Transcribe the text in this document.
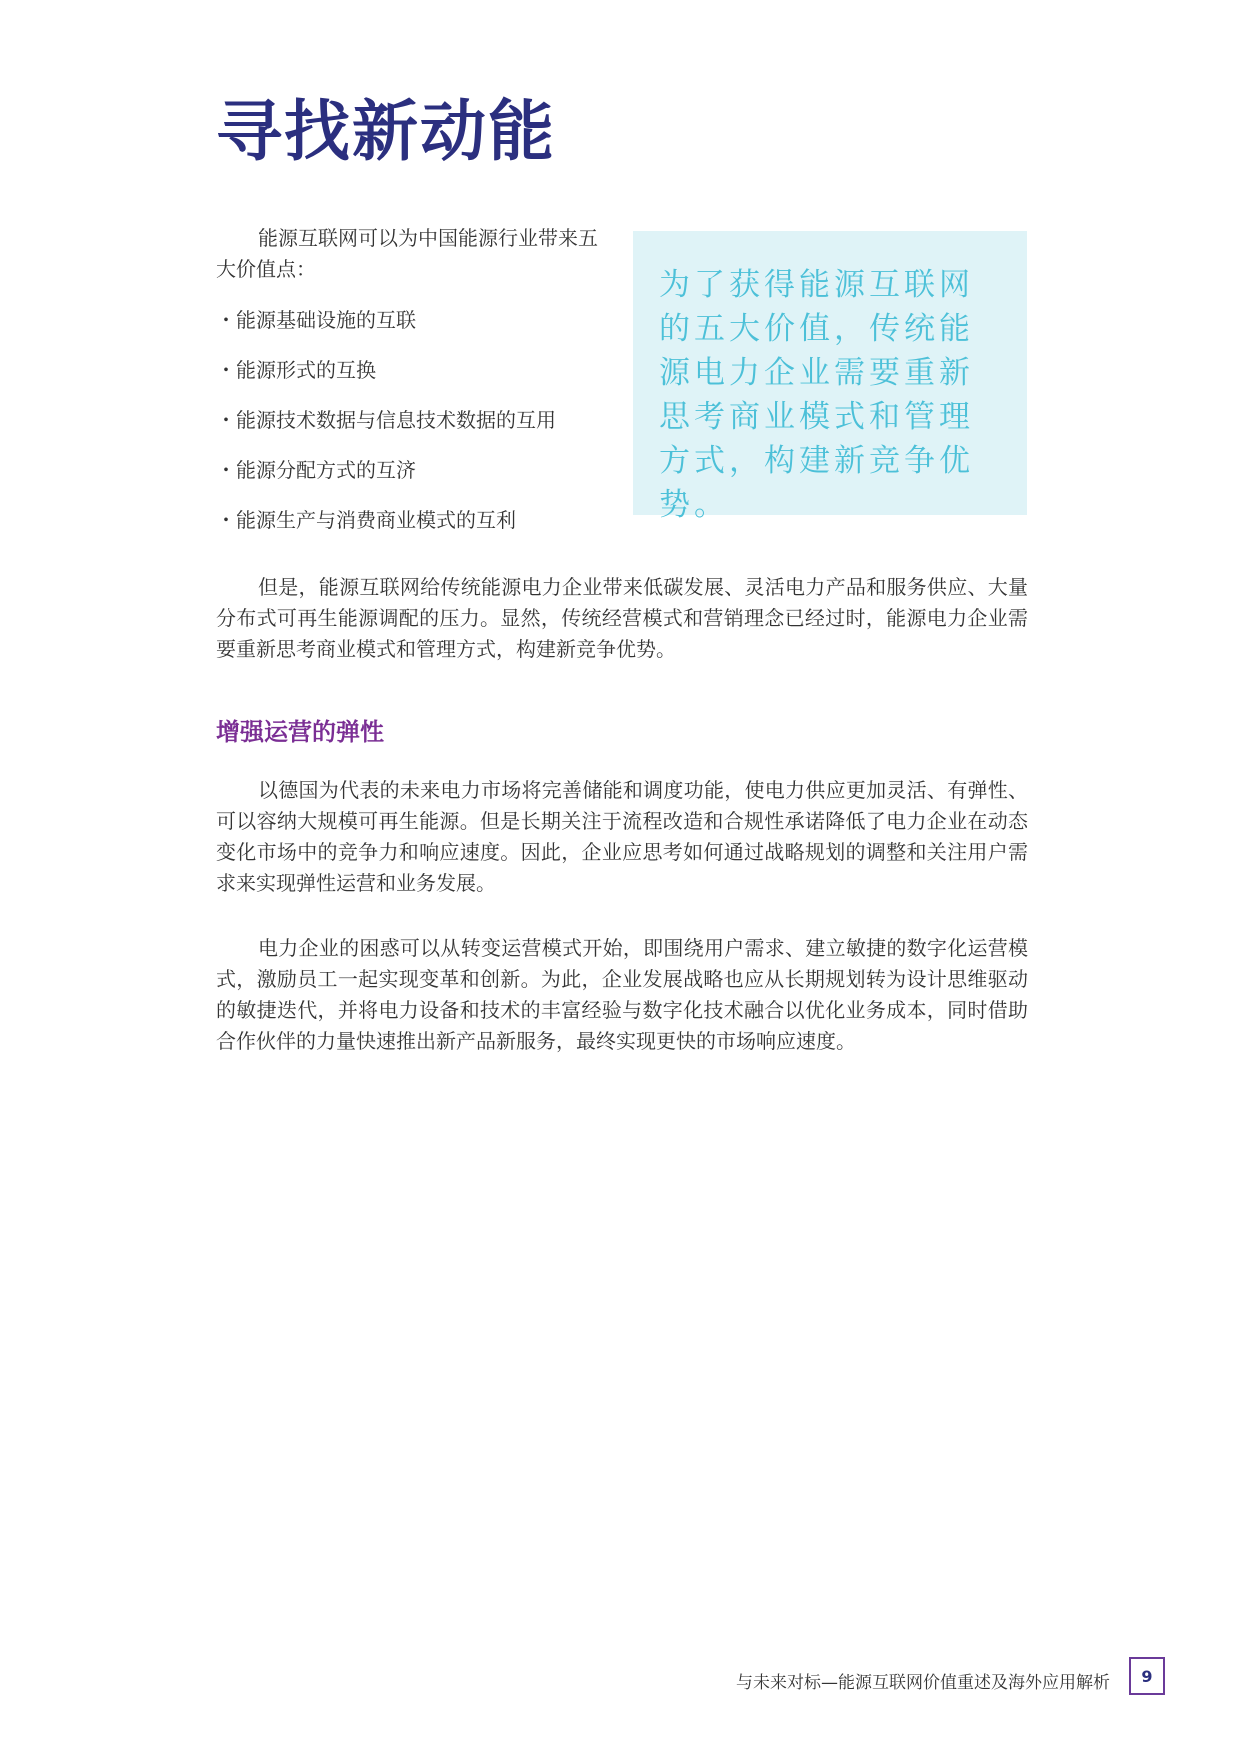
寻找新动能

能源互联网可以为中国能源行业带来五大价值点：

・能源基础设施的互联
・能源形式的互换
・能源技术数据与信息技术数据的互用
・能源分配方式的互济
・能源生产与消费商业模式的互利

为了获得能源互联网的五大价值，传统能源电力企业需要重新思考商业模式和管理方式，构建新竞争优势。

但是，能源互联网给传统能源电力企业带来低碳发展、灵活电力产品和服务供应、大量分布式可再生能源调配的压力。显然，传统经营模式和营销理念已经过时，能源电力企业需要重新思考商业模式和管理方式，构建新竞争优势。

增强运营的弹性

以德国为代表的未来电力市场将完善储能和调度功能，使电力供应更加灵活、有弹性、可以容纳大规模可再生能源。但是长期关注于流程改造和合规性承诺降低了电力企业在动态变化市场中的竞争力和响应速度。因此，企业应思考如何通过战略规划的调整和关注用户需求来实现弹性运营和业务发展。

电力企业的困惑可以从转变运营模式开始，即围绕用户需求、建立敏捷的数字化运营模式，激励员工一起实现变革和创新。为此，企业发展战略也应从长期规划转为设计思维驱动的敏捷迭代，并将电力设备和技术的丰富经验与数字化技术融合以优化业务成本，同时借助合作伙伴的力量快速推出新产品新服务，最终实现更快的市场响应速度。

与未来对标—能源互联网价值重述及海外应用解析	9
